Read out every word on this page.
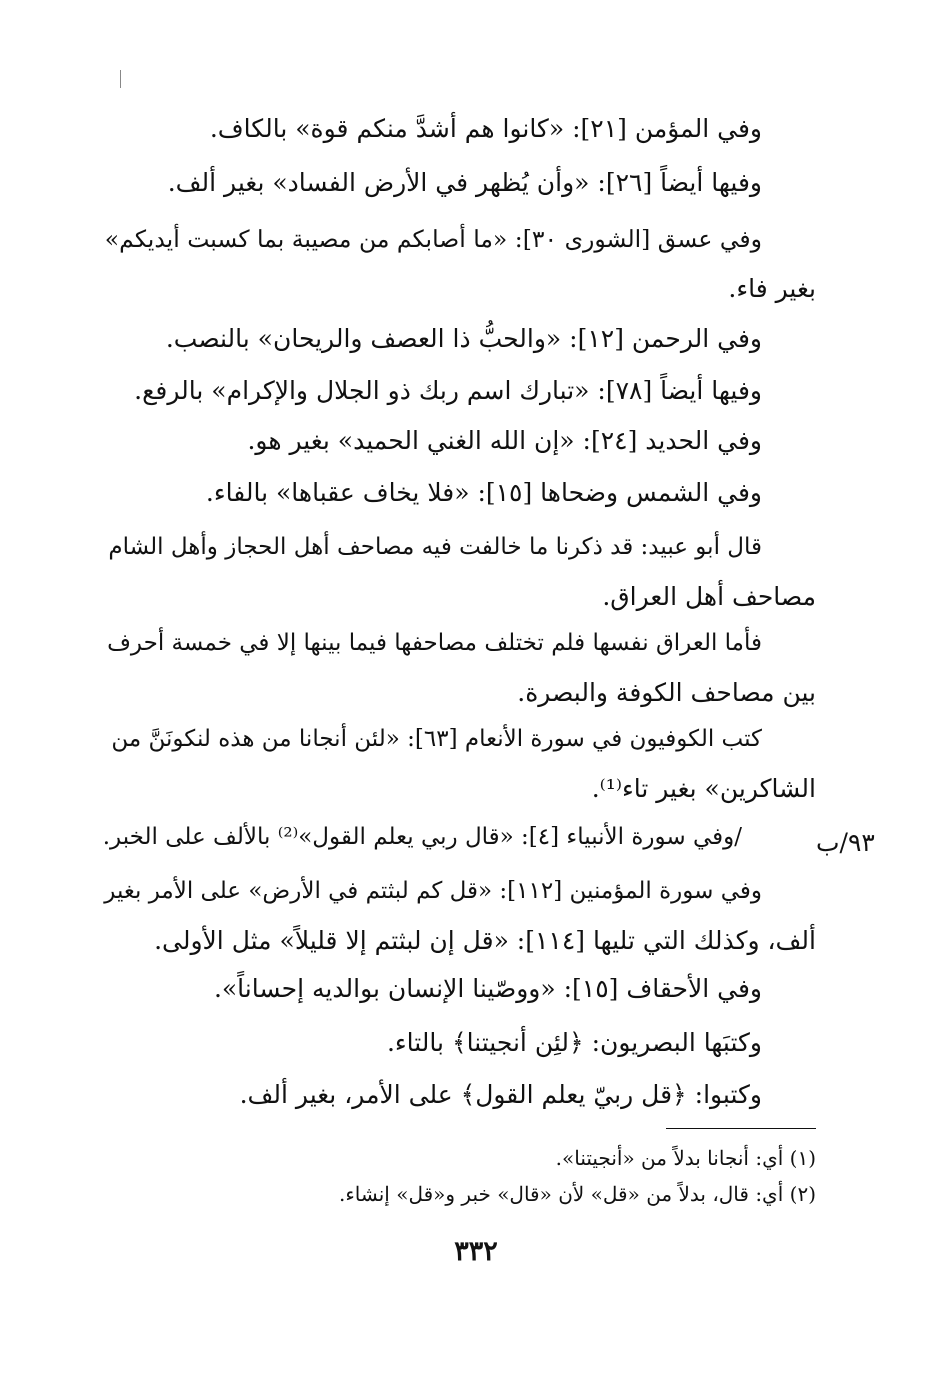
وفي المؤمن [٢١]: «كانوا هم أشدَّ منكم قوة» بالكاف.
وفيها أيضاً [٢٦]: «وأن يُظهر في الأرض الفساد» بغير ألف.
وفي عسق [الشورى ٣٠]: «ما أصابكم من مصيبة بما كسبت أيديكم»
بغير فاء.
وفي الرحمن [١٢]: «والحبُّ ذا العصف والريحان» بالنصب.
وفيها أيضاً [٧٨]: «تبارك اسم ربك ذو الجلال والإكرام» بالرفع.
وفي الحديد [٢٤]: «إن الله الغني الحميد» بغير هو.
وفي الشمس وضحاها [١٥]: «فلا يخاف عقباها» بالفاء.
قال أبو عبيد: قد ذكرنا ما خالفت فيه مصاحف أهل الحجاز وأهل الشام
مصاحف أهل العراق.
فأما العراق نفسها فلم تختلف مصاحفها فيما بينها إلا في خمسة أحرف
بين مصاحف الكوفة والبصرة.
كتب الكوفيون في سورة الأنعام [٦٣]: «لئن أنجانا من هذه لنكونَنَّ من
الشاكرين» بغير تاء⁽¹⁾.
٩٣/ب
/وفي سورة الأنبياء [٤]: «قال ربي يعلم القول»⁽²⁾ بالألف على الخبر.
وفي سورة المؤمنين [١١٢]: «قل كم لبثتم في الأرض» على الأمر بغير
ألف، وكذلك التي تليها [١١٤]: «قل إن لبثتم إلا قليلاً» مثل الأولى.
وفي الأحقاف [١٥]: «ووصّينا الإنسان بوالديه إحساناً».
وكتبَها البصريون: ﴿لئِن أنجيتنا﴾ بالتاء.
وكتبوا: ﴿قل ربيّ يعلم القول﴾ على الأمر، بغير ألف.
(١) أي: أنجانا بدلاً من «أنجيتنا».
(٢) أي: قال، بدلاً من «قل» لأن «قال» خبر و«قل» إنشاء.
٣٣٢
